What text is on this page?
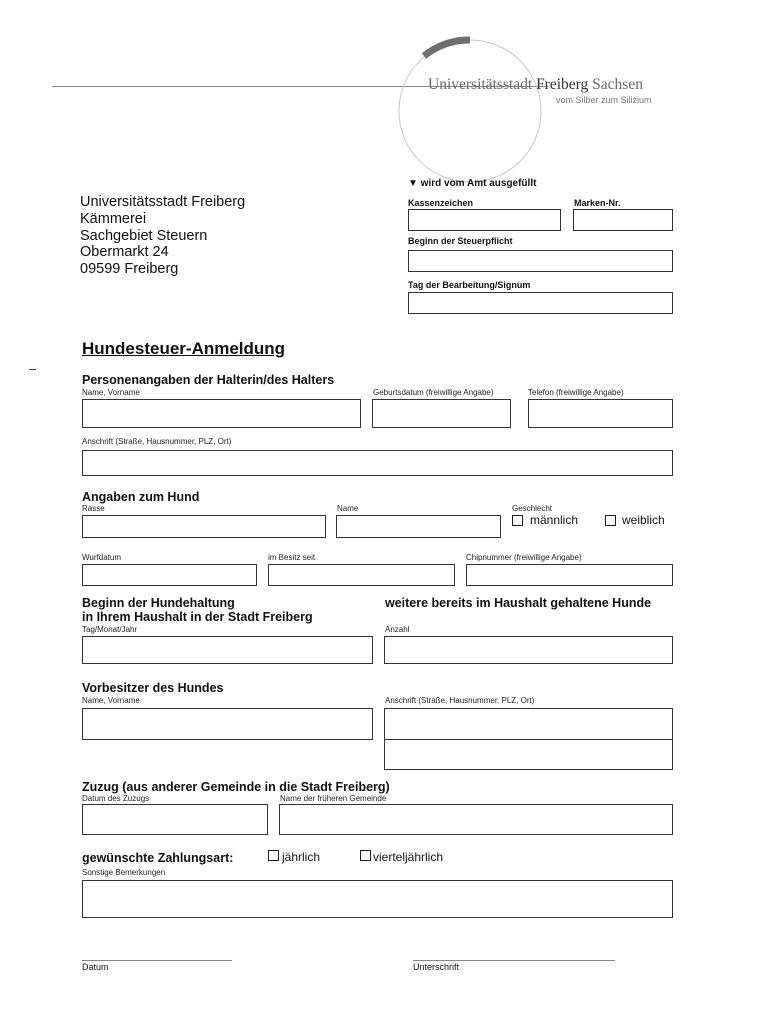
Universitätsstadt Freiberg Sachsen
vom Silber zum Silizium
▼ wird vom Amt ausgefüllt
Kassenzeichen	Marken-Nr.
Beginn der Steuerpflicht
Tag der Bearbeitung/Signum
Universitätsstadt Freiberg
Kämmerei
Sachgebiet Steuern
Obermarkt 24
09599 Freiberg
Hundesteuer-Anmeldung
Personenangaben der Halterin/des Halters
Name, Vorname	Geburtsdatum (freiwillige Angabe)	Telefon (freiwillige Angabe)
Anschrift (Straße, Hausnummer, PLZ, Ort)
Angaben zum Hund
Rasse	Name	Geschlecht
männlich	weiblich
Wurfdatum	im Besitz seit	Chipnummer (freiwillige Angabe)
Beginn der Hundehaltung
in Ihrem Haushalt in der Stadt Freiberg
weitere bereits im Haushalt gehaltene Hunde
Tag/Monat/Jahr	Anzahl
Vorbesitzer des Hundes
Name, Vorname	Anschrift (Straße, Hausnummer, PLZ, Ort)
Zuzug (aus anderer Gemeinde in die Stadt Freiberg)
Datum des Zuzugs	Name der früheren Gemeinde
gewünschte Zahlungsart:	jährlich	vierteljährlich
Sonstige Bemerkungen
Datum	Unterschrift
